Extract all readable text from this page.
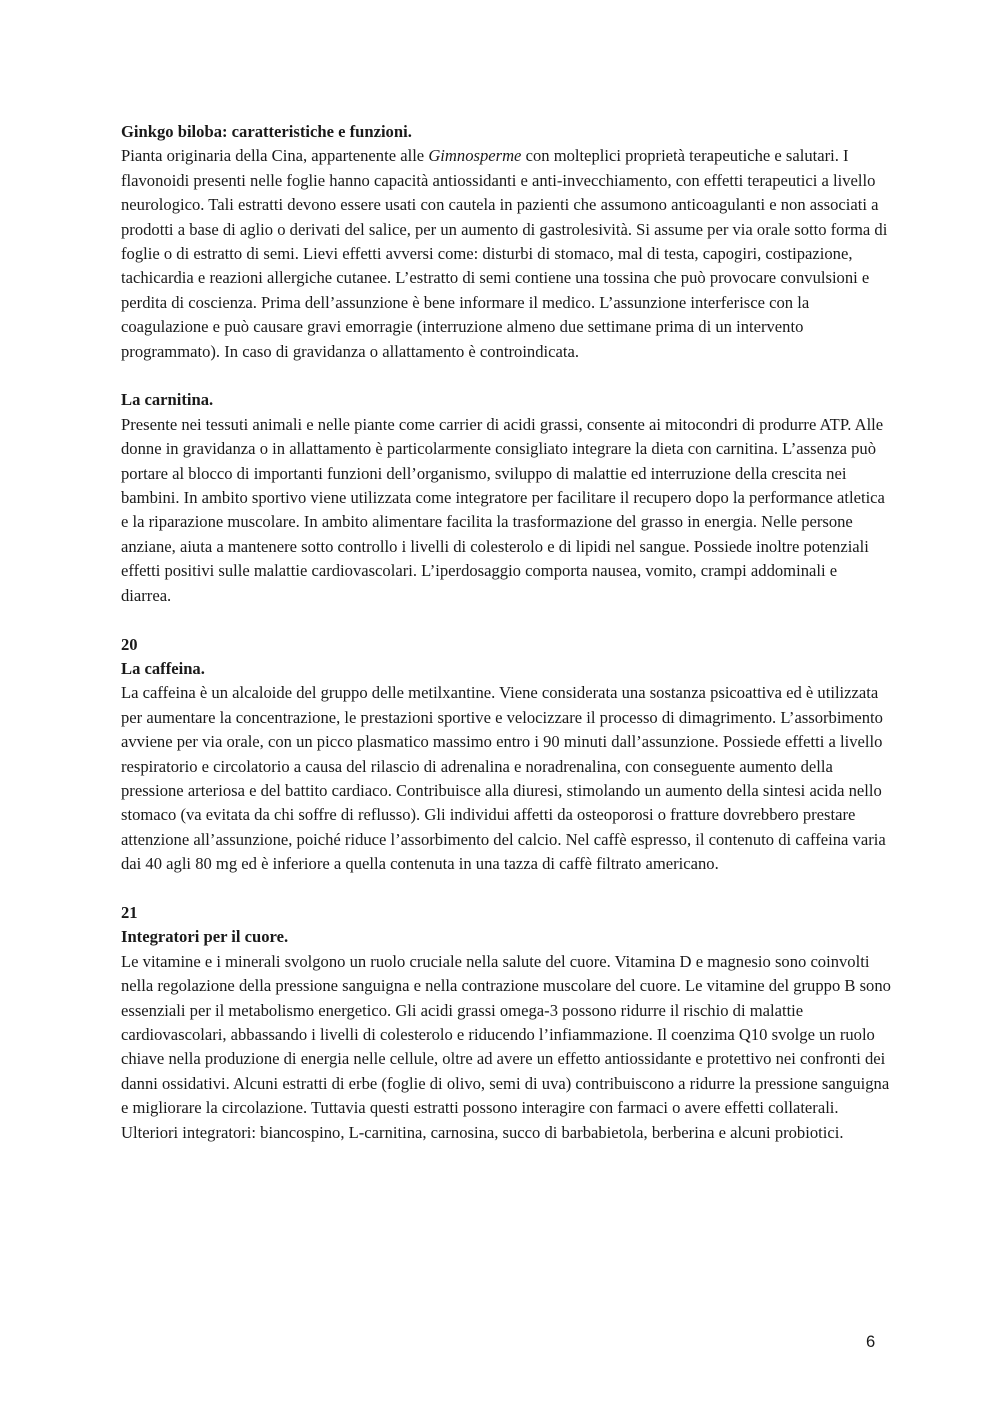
Ginkgo biloba: caratteristiche e funzioni.
Pianta originaria della Cina, appartenente alle Gimnosperme con molteplici proprietà terapeutiche e salutari. I flavonoidi presenti nelle foglie hanno capacità antiossidanti e anti-invecchiamento, con effetti terapeutici a livello neurologico. Tali estratti devono essere usati con cautela in pazienti che assumono anticoagulanti e non associati a prodotti a base di aglio o derivati del salice, per un aumento di gastrolesività. Si assume per via orale sotto forma di foglie o di estratto di semi. Lievi effetti avversi come: disturbi di stomaco, mal di testa, capogiri, costipazione, tachicardia e reazioni allergiche cutanee. L’estratto di semi contiene una tossina che può provocare convulsioni e perdita di coscienza. Prima dell’assunzione è bene informare il medico. L’assunzione interferisce con la coagulazione e può causare gravi emorragie (interruzione almeno due settimane prima di un intervento programmato). In caso di gravidanza o allattamento è controindicata.
La carnitina.
Presente nei tessuti animali e nelle piante come carrier di acidi grassi, consente ai mitocondri di produrre ATP. Alle donne in gravidanza o in allattamento è particolarmente consigliato integrare la dieta con carnitina. L’assenza può portare al blocco di importanti funzioni dell’organismo, sviluppo di malattie ed interruzione della crescita nei bambini. In ambito sportivo viene utilizzata come integratore per facilitare il recupero dopo la performance atletica e la riparazione muscolare. In ambito alimentare facilita la trasformazione del grasso in energia. Nelle persone anziane, aiuta a mantenere sotto controllo i livelli di colesterolo e di lipidi nel sangue. Possiede inoltre potenziali effetti positivi sulle malattie cardiovascolari. L’iperdosaggio comporta nausea, vomito, crampi addominali e diarrea.
20
La caffeina.
La caffeina è un alcaloide del gruppo delle metilxantine. Viene considerata una sostanza psicoattiva ed è utilizzata per aumentare la concentrazione, le prestazioni sportive e velocizzare il processo di dimagrimento. L’assorbimento avviene per via orale, con un picco plasmatico massimo entro i 90 minuti dall’assunzione. Possiede effetti a livello respiratorio e circolatorio a causa del rilascio di adrenalina e noradrenalina, con conseguente aumento della pressione arteriosa e del battito cardiaco. Contribuisce alla diuresi, stimolando un aumento della sintesi acida nello stomaco (va evitata da chi soffre di reflusso). Gli individui affetti da osteoporosi o fratture dovrebbero prestare attenzione all’assunzione, poiché riduce l’assorbimento del calcio. Nel caffè espresso, il contenuto di caffeina varia dai 40 agli 80 mg ed è inferiore a quella contenuta in una tazza di caffè filtrato americano.
21
Integratori per il cuore.
Le vitamine e i minerali svolgono un ruolo cruciale nella salute del cuore. Vitamina D e magnesio sono coinvolti nella regolazione della pressione sanguigna e nella contrazione muscolare del cuore. Le vitamine del gruppo B sono essenziali per il metabolismo energetico. Gli acidi grassi omega-3 possono ridurre il rischio di malattie cardiovascolari, abbassando i livelli di colesterolo e riducendo l’infiammazione. Il coenzima Q10 svolge un ruolo chiave nella produzione di energia nelle cellule, oltre ad avere un effetto antiossidante e protettivo nei confronti dei danni ossidativi. Alcuni estratti di erbe (foglie di olivo, semi di uva) contribuiscono a ridurre la pressione sanguigna e migliorare la circolazione. Tuttavia questi estratti possono interagire con farmaci o avere effetti collaterali. Ulteriori integratori: biancospino, L-carnitina, carnosina, succo di barbabietola, berberina e alcuni probiotici.
6
